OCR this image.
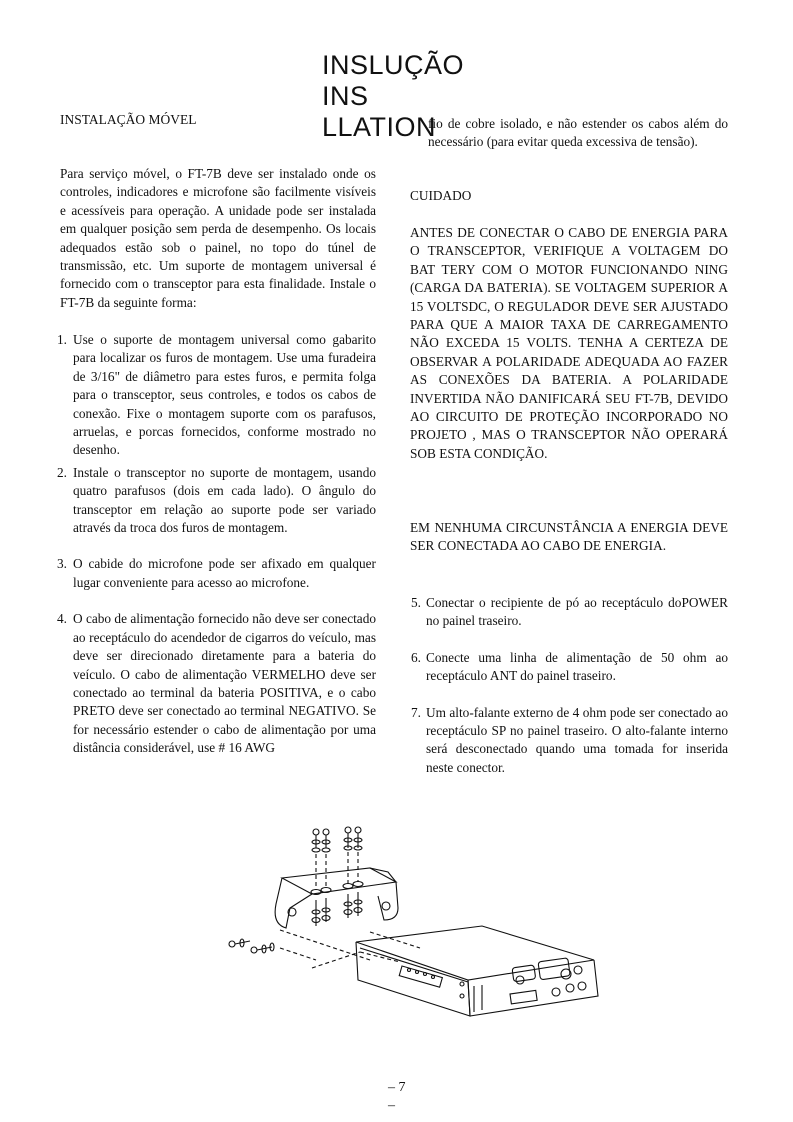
INSLUÇÃO
INS
LLATION
INSTALAÇÃO MÓVEL

Para serviço móvel, o FT-7B deve ser instalado onde os controles, indicadores e microfone são facilmente visíveis e acessíveis para operação. A unidade pode ser instalada em qualquer posição sem perda de desempenho. Os locais adequados estão sob o painel, no topo do túnel de transmissão, etc. Um suporte de montagem universal é fornecido com o transceptor para esta finalidade. Instale o FT-7B da seguinte forma:

1. Use o suporte de montagem universal como gabarito para localizar os furos de montagem. Use uma furadeira de 3/16" de diâmetro para estes furos, e permita folga para o transceptor, seus controles, e todos os cabos de conexão. Fixe o montagem suporte com os parafusos, arruelas, e porcas fornecidos, conforme mostrado no desenho.
2. Instale o transceptor no suporte de montagem, usando quatro parafusos (dois em cada lado). O ângulo do transceptor em relação ao suporte pode ser variado através da troca dos furos de montagem.
3. O cabide do microfone pode ser afixado em qualquer lugar conveniente para acesso ao microfone.
4. O cabo de alimentação fornecido não deve ser conectado ao receptáculo do acendedor de cigarros do veículo, mas deve ser direcionado diretamente para a bateria do veículo. O cabo de alimentação VERMELHO deve ser conectado ao terminal da bateria POSITIVA, e o cabo PRETO deve ser conectado ao terminal NEGATIVO. Se for necessário estender o cabo de alimentação por uma distância considerável, use # 16 AWG
fio de cobre isolado, e não estender os cabos além do necessário (para evitar queda excessiva de tensão).
CUIDADO
ANTES DE CONECTAR O CABO DE ENERGIA PARA O TRANSCEPTOR, VERIFIQUE A VOLTAGEM DO BAT TERY COM O MOTOR FUNCIONANDO NING (CARGA DA BATERIA). SE VOLTAGEM SUPERIOR A 15 VOLTSDC, O REGULADOR DEVE SER AJUSTADO PARA QUE A MAIOR TAXA DE CARREGAMENTO NÃO EXCEDA 15 VOLTS. TENHA A CERTEZA DE OBSERVAR A POLARIDADE ADEQUADA AO FAZER AS CONEXÕES DA BATERIA. A POLARIDADE INVERTIDA NÃO DANIFICARÁ SEU FT-7B, DEVIDO AO CIRCUITO DE PROTEÇÃO INCORPORADO NO PROJETO , MAS O TRANSCEPTOR NÃO OPERARÁ SOB ESTA CONDIÇÃO.
EM NENHUMA CIRCUNSTÂNCIA A ENERGIA DEVE SER CONECTADA AO CABO DE ENERGIA.
5. Conectar o recipiente de pó ao receptáculo doPOWER no painel traseiro.
6. Conecte uma linha de alimentação de 50 ohm ao receptáculo ANT do painel traseiro.
7. Um alto-falante externo de 4 ohm pode ser conectado ao receptáculo SP no painel traseiro. O alto-falante interno será desconectado quando uma tomada for inserida neste conector.
– 7
–
